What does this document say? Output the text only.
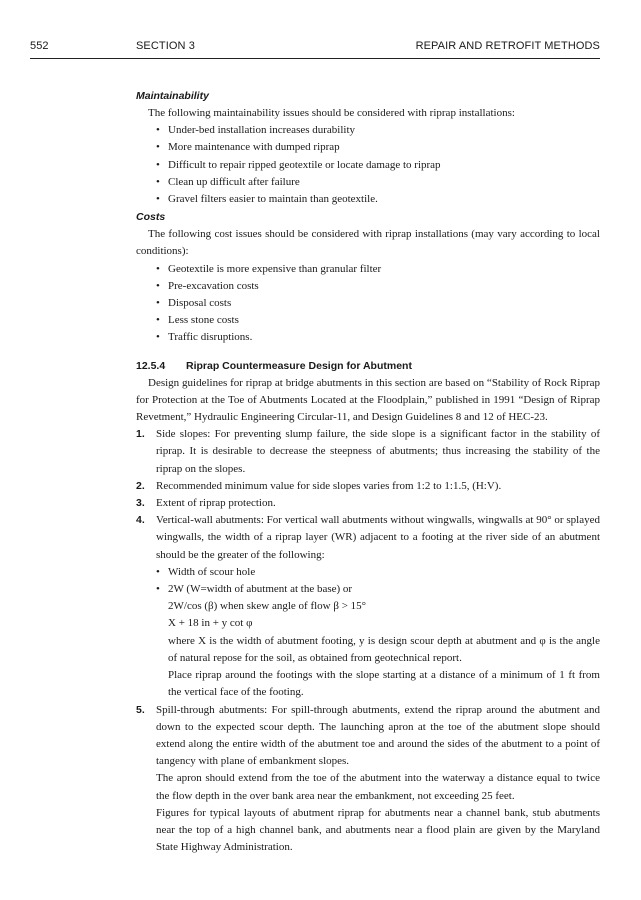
552	SECTION 3	REPAIR AND RETROFIT METHODS

Maintainability

The following maintainability issues should be considered with riprap installations:

• Under-bed installation increases durability
• More maintenance with dumped riprap
• Difficult to repair ripped geotextile or locate damage to riprap
• Clean up difficult after failure
• Gravel filters easier to maintain than geotextile.

Costs

The following cost issues should be considered with riprap installations (may vary according to local conditions):

• Geotextile is more expensive than granular filter
• Pre-excavation costs
• Disposal costs
• Less stone costs
• Traffic disruptions.
12.5.4 Riprap Countermeasure Design for Abutment

Design guidelines for riprap at bridge abutments in this section are based on “Stability of Rock Riprap for Protection at the Toe of Abutments Located at the Floodplain,” published in 1991 “Design of Riprap Revetment,” Hydraulic Engineering Circular-11, and Design Guidelines 8 and 12 of HEC-23.

1. Side slopes: For preventing slump failure, the side slope is a significant factor in the stability of riprap. It is desirable to decrease the steepness of abutments; thus increasing the stability of the riprap on the slopes.
2. Recommended minimum value for side slopes varies from 1:2 to 1:1.5, (H:V).
3. Extent of riprap protection.
4. Vertical-wall abutments: For vertical wall abutments without wingwalls, wingwalls at 90° or splayed wingwalls, the width of a riprap layer (WR) adjacent to a footing at the river side of an abutment should be the greater of the following:

• Width of scour hole
• 2W (W=width of abutment at the base) or

2W/cos (β) when skew angle of flow β > 15°

X + 18 in + y cot φ

where X is the width of abutment footing, y is design scour depth at abutment and φ is the angle of natural repose for the soil, as obtained from geotechnical report.

Place riprap around the footings with the slope starting at a distance of a minimum of 1 ft from the vertical face of the footing.

5. Spill-through abutments: For spill-through abutments, extend the riprap around the abutment and down to the expected scour depth. The launching apron at the toe of the abutment slope should extend along the entire width of the abutment toe and around the sides of the abutment to a point of tangency with plane of embankment slopes.

The apron should extend from the toe of the abutment into the waterway a distance equal to twice the flow depth in the over bank area near the embankment, not exceeding 25 feet.

Figures for typical layouts of abutment riprap for abutments near a channel bank, stub abutments near the top of a high channel bank, and abutments near a flood plain are given by the Maryland State Highway Administration.
